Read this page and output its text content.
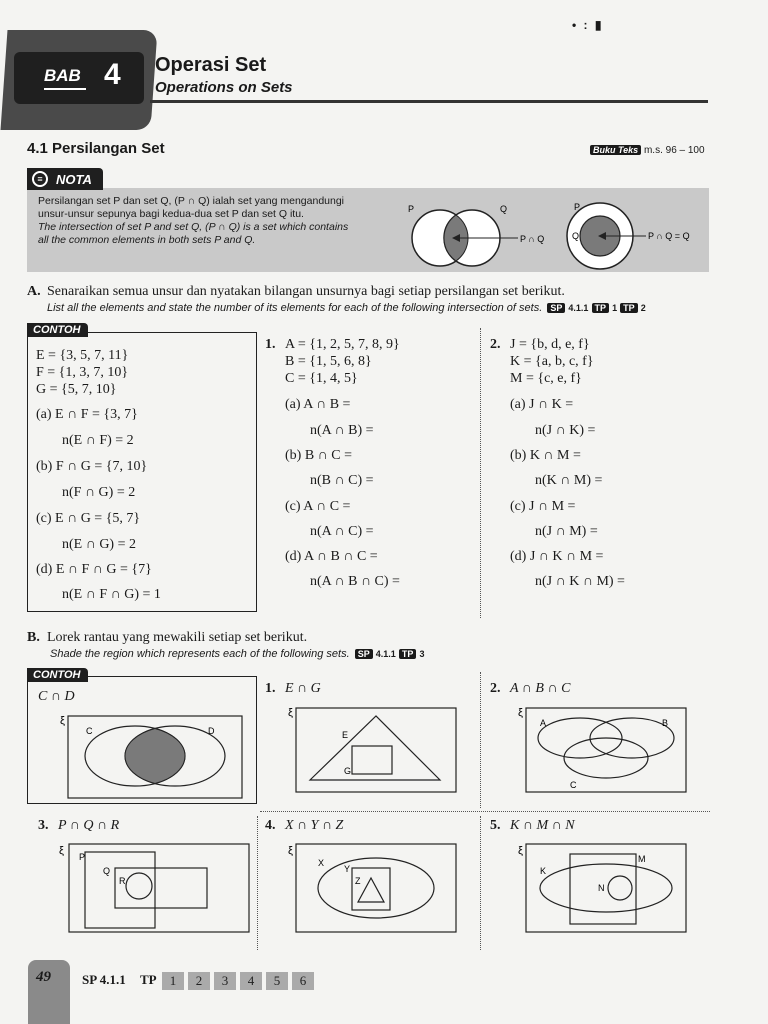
BAB 4 Operasi Set
Operations on Sets
• : ▮
4.1 Persilangan Set	Buku Teks m.s. 96 – 100
≡	NOTA
Persilangan set P dan set Q, (P ∩ Q) ialah set yang mengandungi
unsur-unsur sepunya bagi kedua-dua set P dan set Q itu.
The intersection of set P and set Q, (P ∩ Q) is a set which contains
all the common elements in both sets P and Q.
P	Q
P ∩ Q
P
Q	P ∩ Q = Q
A. Senaraikan semua unsur dan nyatakan bilangan unsurnya bagi setiap persilangan set berikut.
List all the elements and state the number of its elements for each of the following intersection of sets. SP 4.1.1 TP 1 TP 2
CONTOH
E = {3, 5, 7, 11}
F = {1, 3, 7, 10}
G = {5, 7, 10}
(a) E ∩ F = {3, 7}
n(E ∩ F) = 2
(b) F ∩ G = {7, 10}
n(F ∩ G) = 2
(c) E ∩ G = {5, 7}
n(E ∩ G) = 2
(d) E ∩ F ∩ G = {7}
n(E ∩ F ∩ G) = 1
1. A = {1, 2, 5, 7, 8, 9}
B = {1, 5, 6, 8}
C = {1, 4, 5}
(a) A ∩ B =
n(A ∩ B) =
(b) B ∩ C =
n(B ∩ C) =
(c) A ∩ C =
n(A ∩ C) =
(d) A ∩ B ∩ C =
n(A ∩ B ∩ C) =
2. J = {b, d, e, f}
K = {a, b, c, f}
M = {c, e, f}
(a) J ∩ K =
n(J ∩ K) =
(b) K ∩ M =
n(K ∩ M) =
(c) J ∩ M =
n(J ∩ M) =
(d) J ∩ K ∩ M =
n(J ∩ K ∩ M) =
B. Lorek rantau yang mewakili setiap set berikut.
Shade the region which represents each of the following sets. SP 4.1.1 TP 3
CONTOH
C ∩ D
ξ
C	D
1. E ∩ G
ξ
E
G
2. A ∩ B ∩ C
ξ
A	B
C
3. P ∩ Q ∩ R
ξ P
Q
R
4. X ∩ Y ∩ Z
ξ
X
Y
Z
5. K ∩ M ∩ N
ξ
K
M
N
49 SP 4.1.1 TP	1 2 3 4 5 6
